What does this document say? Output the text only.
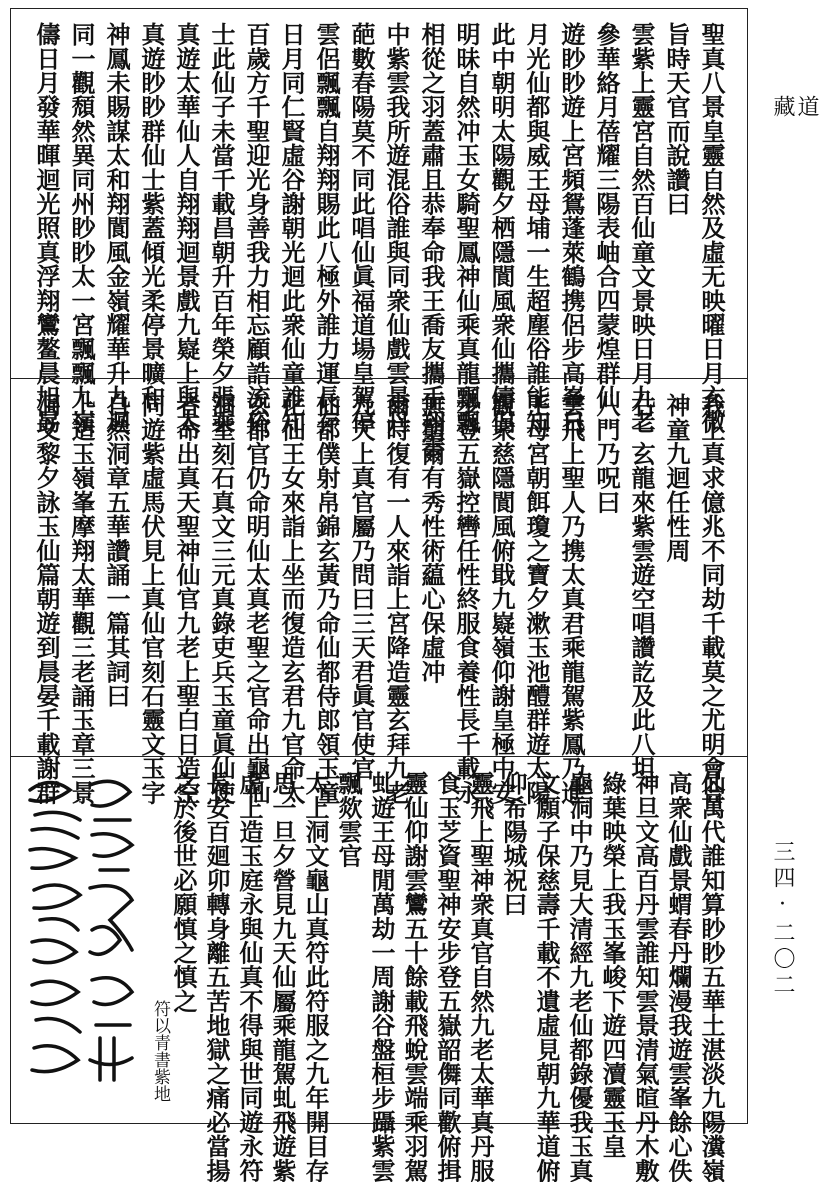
聖真八景皇靈自然及虛无映曜日月玄微
旨時天官而說讚曰
雲紫上靈宮自然百仙童文景映日月九老
參華絡月蓓耀三陽表岫合四蒙煌群仙
遊眇眇遊上宮頻鴛蓬萊鶴携侶步高峯日
月光仙都與威王母埔一生超塵俗誰能知
此中朝明太陽觀夕栖隱閬風衆仙攜儔侶
明昧自然冲玉女騎聖鳳神仙乘真龍飄飄
相從之羽蓋肅且恭奉命我王喬友攜手翔雲
中紫雲我所遊混俗誰與同衆仙戲雲景丹
葩數春陽莫不同此唱仙眞福道場皇駕停
雲侶飄飄自翔翔賜此八極外誰力運長存
日月同仁賢虛谷謝朝光迴此衆仙童誰知
百歲方千聖迎光身善我力相忘顧誥流俗
士此仙子未當千載昌朝升百年榮夕張乘
真遊太華仙人自翔翔迴景戲九嶷上與太
真遊眇眇群仙士紫蓋傾光柔停景曠和
神鳳未賜謀太和翔閬風金嶺耀華升九迴
同一觀頹然異同州眇眇太一宮飄飄九嶺
儔日月發華暉迴光照真浮翔鸞鳌晨旭勗
我上真求億兆不同劫千載莫之尤明會合
神童九迴任性周
右一玄龍來紫雲遊空唱讚訖及此八坦
八門乃呪曰
雲飛上聖人乃携太真君乘龍駕紫鳳乃進
王母宮朝餌瓊之寶夕漱玉池醴群遊太陽
觀衆慈隱閬風俯戢九嶷嶺仰謝皇極中安
步登五嶽控轡任性終服食養性長千載永
無窮爾有秀性術藴心保虛冲
爾時復有一人來詣上宮降造靈玄拜九老
九天上真官屬乃問曰三天君眞官使官
仙都僕射帛錦玄黃乃命仙都侍郎領玉童
化仙王女來詣上坐而復造玄君九官命太
玄都官仍命明仙太真老聖之官命出龜仙
洞室刻石真文三元真錄吏兵玉童眞仙使
者命出真天聖神仙官九老上聖白日造空
同遊紫虛馬伏見上真仙官刻石靈文玉字
自然洞章五華讚誦一篇其詞曰
上造玉嶺峯摩翔太華觀三老誦玉章三景
洞文黎夕詠玉仙篇朝遊到晨晏千載謝群
仙萬代誰知算眇眇五華土湛淡九陽瀵嶺
高衆仙戲景蝟春丹爛漫我遊雲峯餘心佚
神旦文高百丹雲誰知雲景清氣暄丹木敷
綠葉映榮上我玉峯峻下遊四瀆靈玉皇
龜洞中乃見大清經九老仙都錄優我玉真
文願子保慈壽千載不遺虛見朝九華道俯
仰希陽城祝曰
靈飛上聖神衆真官自然九老太華真丹服
食玉芝資聖神安步登五嶽韶儛同歡俯揖
靈仙仰謝雲鸞五十餘載飛蛻雲端乘羽駕
虬遊王母閒萬劫一周謝谷盤桓步躡紫雲
飄欻雲官
太上洞文龜山真符此符服之九年開目存
思一旦夕營見九天仙屬乘龍駕虬飛遊紫
虛上造玉庭永與仙真不得與世同遊永符
長安百廻卯轉身離五苦地獄之痛必當揚
之於後世必願慎之慎之
符以青書紫地
道
藏
三四·二〇二
